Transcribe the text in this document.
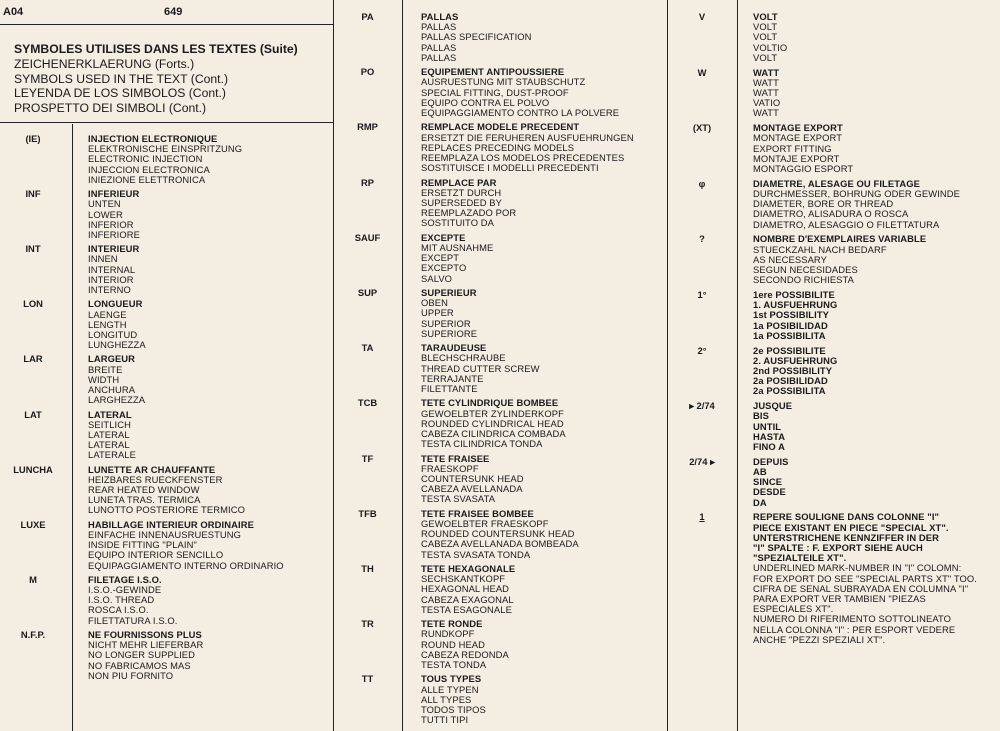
A04	649
SYMBOLES UTILISES DANS LES TEXTES (Suite)
ZEICHENERKLAERUNG (Forts.)
SYMBOLS USED IN THE TEXT (Cont.)
LEYENDA DE LOS SIMBOLOS (Cont.)
PROSPETTO DEI SIMBOLI (Cont.)
(IE)	INJECTION ELECTRONIQUE
ELEKTRONISCHE EINSPRITZUNG
ELECTRONIC INJECTION
INJECCION ELECTRONICA
INIEZIONE ELETTRONICA
INF	INFERIEUR
UNTEN
LOWER
INFERIOR
INFERIORE
INT	INTERIEUR
INNEN
INTERNAL
INTERIOR
INTERNO
LON	LONGUEUR
LAENGE
LENGTH
LONGITUD
LUNGHEZZA
LAR	LARGEUR
BREITE
WIDTH
ANCHURA
LARGHEZZA
LAT	LATERAL
SEITLICH
LATERAL
LATERAL
LATERALE
LUNCHA	LUNETTE AR CHAUFFANTE
HEIZBARES RUECKFENSTER
REAR HEATED WINDOW
LUNETA TRAS. TERMICA
LUNOTTO POSTERIORE TERMICO
LUXE	HABILLAGE INTERIEUR ORDINAIRE
EINFACHE INNENAUSRUESTUNG
INSIDE FITTING "PLAIN"
EQUIPO INTERIOR SENCILLO
EQUIPAGGIAMENTO INTERNO ORDINARIO
M	FILETAGE I.S.O.
I.S.O.-GEWINDE
I.S.O. THREAD
ROSCA I.S.O.
FILETTATURA I.S.O.
N.F.P.	NE FOURNISSONS PLUS
NICHT MEHR LIEFERBAR
NO LONGER SUPPLIED
NO FABRICAMOS MAS
NON PIU FORNITO
PA	PALLAS
PALLAS
PALLAS SPECIFICATION
PALLAS
PALLAS
PO	EQUIPEMENT ANTIPOUSSIERE
AUSRUESTUNG MIT STAUBSCHUTZ
SPECIAL FITTING, DUST-PROOF
EQUIPO CONTRA EL POLVO
EQUIPAGGIAMENTO CONTRO LA POLVERE
RMP	REMPLACE MODELE PRECEDENT
ERSETZT DIE FERUHEREN AUSFUEHRUNGEN
REPLACES PRECEDING MODELS
REEMPLAZA LOS MODELOS PRECEDENTES
SOSTITUISCE I MODELLI PRECEDENTI
RP	REMPLACE PAR
ERSETZT DURCH
SUPERSEDED BY
REEMPLAZADO POR
SOSTITUITO DA
SAUF	EXCEPTE
MIT AUSNAHME
EXCEPT
EXCEPTO
SALVO
SUP	SUPERIEUR
OBEN
UPPER
SUPERIOR
SUPERIORE
TA	TARAUDEUSE
BLECHSCHRAUBE
THREAD CUTTER SCREW
TERRAJANTE
FILETTANTE
TCB	TETE CYLINDRIQUE BOMBEE
GEWOELBTER ZYLINDERKOPF
ROUNDED CYLINDRICAL HEAD
CABEZA CILINDRICA COMBADA
TESTA CILINDRICA TONDA
TF	TETE FRAISEE
FRAESKOPF
COUNTERSUNK HEAD
CABEZA AVELLANADA
TESTA SVASATA
TFB	TETE FRAISEE BOMBEE
GEWOELBTER FRAESKOPF
ROUNDED COUNTERSUNK HEAD
CABEZA AVELLANADA BOMBEADA
TESTA SVASATA TONDA
TH	TETE HEXAGONALE
SECHSKANTKOPF
HEXAGONAL HEAD
CABEZA EXAGONAL
TESTA ESAGONALE
TR	TETE RONDE
RUNDKOPF
ROUND HEAD
CABEZA REDONDA
TESTA TONDA
TT	TOUS TYPES
ALLE TYPEN
ALL TYPES
TODOS TIPOS
TUTTI TIPI
V	VOLT
VOLT
VOLT
VOLTIO
VOLT
W	WATT
WATT
WATT
VATIO
WATT
(XT)	MONTAGE EXPORT
MONTAGE EXPORT
EXPORT FITTING
MONTAJE EXPORT
MONTAGGIO ESPORT
φ	DIAMETRE, ALESAGE OU FILETAGE
DURCHMESSER, BOHRUNG ODER GEWINDE
DIAMETER, BORE OR THREAD
DIAMETRO, ALISADURA O ROSCA
DIAMETRO, ALESAGGIO O FILETTATURA
?	NOMBRE D'EXEMPLAIRES VARIABLE
STUECKZAHL NACH BEDARF
AS NECESSARY
SEGUN NECESIDADES
SECONDO RICHIESTA
1°	1ere POSSIBILITE
1. AUSFUEHRUNG
1st POSSIBILITY
1a POSIBILIDAD
1a POSSIBILITA
2°	2e POSSIBILITE
2. AUSFUEHRUNG
2nd POSSIBILITY
2a POSIBILIDAD
2a POSSIBILITA
▸ 2/74	JUSQUE
BIS
UNTIL
HASTA
FINO A
2/74 ▸	DEPUIS
AB
SINCE
DESDE
DA
1	REPERE SOULIGNE DANS COLONNE "I"
PIECE EXISTANT EN PIECE "SPECIAL XT".
UNTERSTRICHENE KENNZIFFER IN DER
"I" SPALTE : F. EXPORT SIEHE AUCH
"SPEZIALTEILE XT".
UNDERLINED MARK-NUMBER IN "I" COLOMN:
FOR EXPORT DO SEE "SPECIAL PARTS XT" TOO.
CIFRA DE SENAL SUBRAYADA EN COLUMNA "I"
PARA EXPORT VER TAMBIEN "PIEZAS
ESPECIALES XT".
NUMERO DI RIFERIMENTO SOTTOLINEATO
NELLA COLONNA "I" : PER ESPORT VEDERE
ANCHE "PEZZI SPEZIALI XT".
